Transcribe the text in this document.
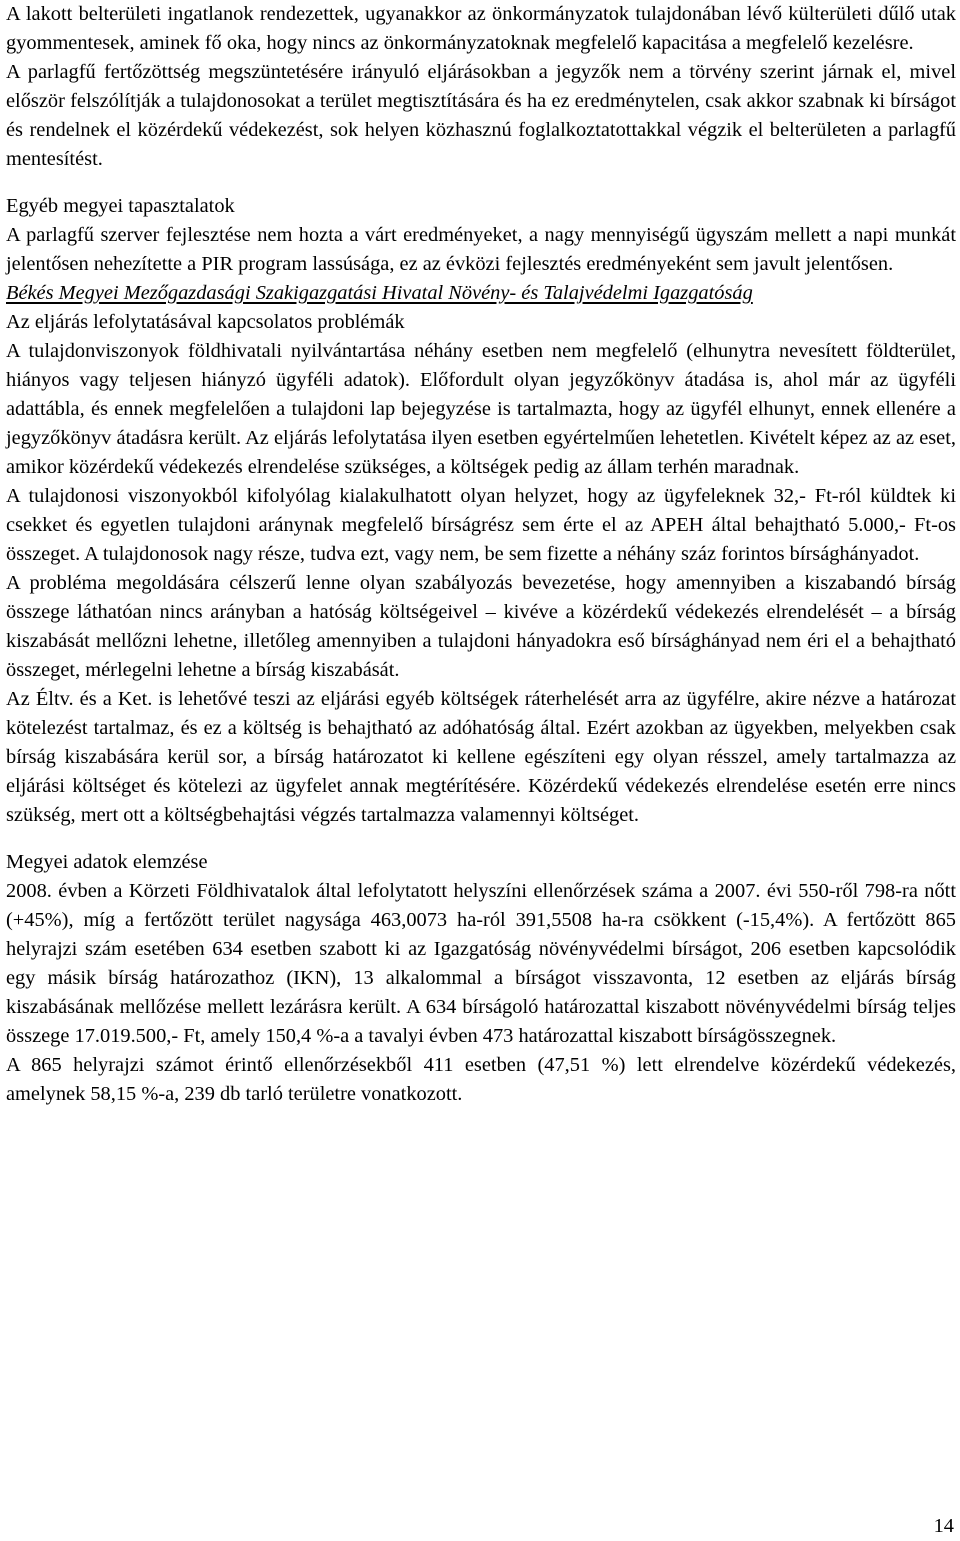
A lakott belterületi ingatlanok rendezettek, ugyanakkor az önkormányzatok tulajdonában lévő külterületi dűlő utak gyommentesek, aminek fő oka, hogy nincs az önkormányzatoknak megfelelő kapacitása a megfelelő kezelésre.

A parlagfű fertőzöttség megszüntetésére irányuló eljárásokban a jegyzők nem a törvény szerint járnak el, mivel először felszólítják a tulajdonosokat a terület megtisztítására és ha ez eredménytelen, csak akkor szabnak ki bírságot és rendelnek el közérdekű védekezést, sok helyen közhasznú foglalkoztatottakkal végzik el belterületen a parlagfű mentesítést.

Egyéb megyei tapasztalatok

A parlagfű szerver fejlesztése nem hozta a várt eredményeket, a nagy mennyiségű ügyszám mellett a napi munkát jelentősen nehezítette a PIR program lassúsága, ez az évközi fejlesztés eredményeként sem javult jelentősen.

Békés Megyei Mezőgazdasági Szakigazgatási Hivatal Növény- és Talajvédelmi Igazgatóság

Az eljárás lefolytatásával kapcsolatos problémák

A tulajdonviszonyok földhivatali nyilvántartása néhány esetben nem megfelelő (elhunytra nevesített földterület, hiányos vagy teljesen hiányzó ügyféli adatok). Előfordult olyan jegyzőkönyv átadása is, ahol már az ügyféli adattábla, és ennek megfelelően a tulajdoni lap bejegyzése is tartalmazta, hogy az ügyfél elhunyt, ennek ellenére a jegyzőkönyv átadásra került. Az eljárás lefolytatása ilyen esetben egyértelműen lehetetlen. Kivételt képez az az eset, amikor közérdekű védekezés elrendelése szükséges, a költségek pedig az állam terhén maradnak.

A tulajdonosi viszonyokból kifolyólag kialakulhatott olyan helyzet, hogy az ügyfeleknek 32,- Ft-ról küldtek ki csekket és egyetlen tulajdoni aránynak megfelelő bírságrész sem érte el az APEH által behajtható 5.000,- Ft-os összeget. A tulajdonosok nagy része, tudva ezt, vagy nem, be sem fizette a néhány száz forintos bírsághányadot.

A probléma megoldására célszerű lenne olyan szabályozás bevezetése, hogy amennyiben a kiszabandó bírság összege láthatóan nincs arányban a hatóság költségeivel – kivéve a közérdekű védekezés elrendelését – a bírság kiszabását mellőzni lehetne, illetőleg amennyiben a tulajdoni hányadokra eső bírsághányad nem éri el a behajtható összeget, mérlegelni lehetne a bírság kiszabását.

Az Éltv. és a Ket. is lehetővé teszi az eljárási egyéb költségek ráterhelését arra az ügyfélre, akire nézve a határozat kötelezést tartalmaz, és ez a költség is behajtható az adóhatóság által. Ezért azokban az ügyekben, melyekben csak bírság kiszabására kerül sor, a bírság határozatot ki kellene egészíteni egy olyan résszel, amely tartalmazza az eljárási költséget és kötelezi az ügyfelet annak megtérítésére. Közérdekű védekezés elrendelése esetén erre nincs szükség, mert ott a költségbehajtási végzés tartalmazza valamennyi költséget.

Megyei adatok elemzése

2008. évben a Körzeti Földhivatalok által lefolytatott helyszíni ellenőrzések száma a 2007. évi 550-ről 798-ra nőtt (+45%), míg a fertőzött terület nagysága 463,0073 ha-ról 391,5508 ha-ra csökkent (-15,4%). A fertőzött 865 helyrajzi szám esetében 634 esetben szabott ki az Igazgatóság növényvédelmi bírságot, 206 esetben kapcsolódik egy másik bírság határozathoz (IKN), 13 alkalommal a bírságot visszavonta, 12 esetben az eljárás bírság kiszabásának mellőzése mellett lezárásra került. A 634 bírságoló határozattal kiszabott növényvédelmi bírság teljes összege 17.019.500,- Ft, amely 150,4 %-a a tavalyi évben 473 határozattal kiszabott bírságösszegnek.

A 865 helyrajzi számot érintő ellenőrzésekből 411 esetben (47,51 %) lett elrendelve közérdekű védekezés, amelynek 58,15 %-a, 239 db tarló területre vonatkozott.

14
